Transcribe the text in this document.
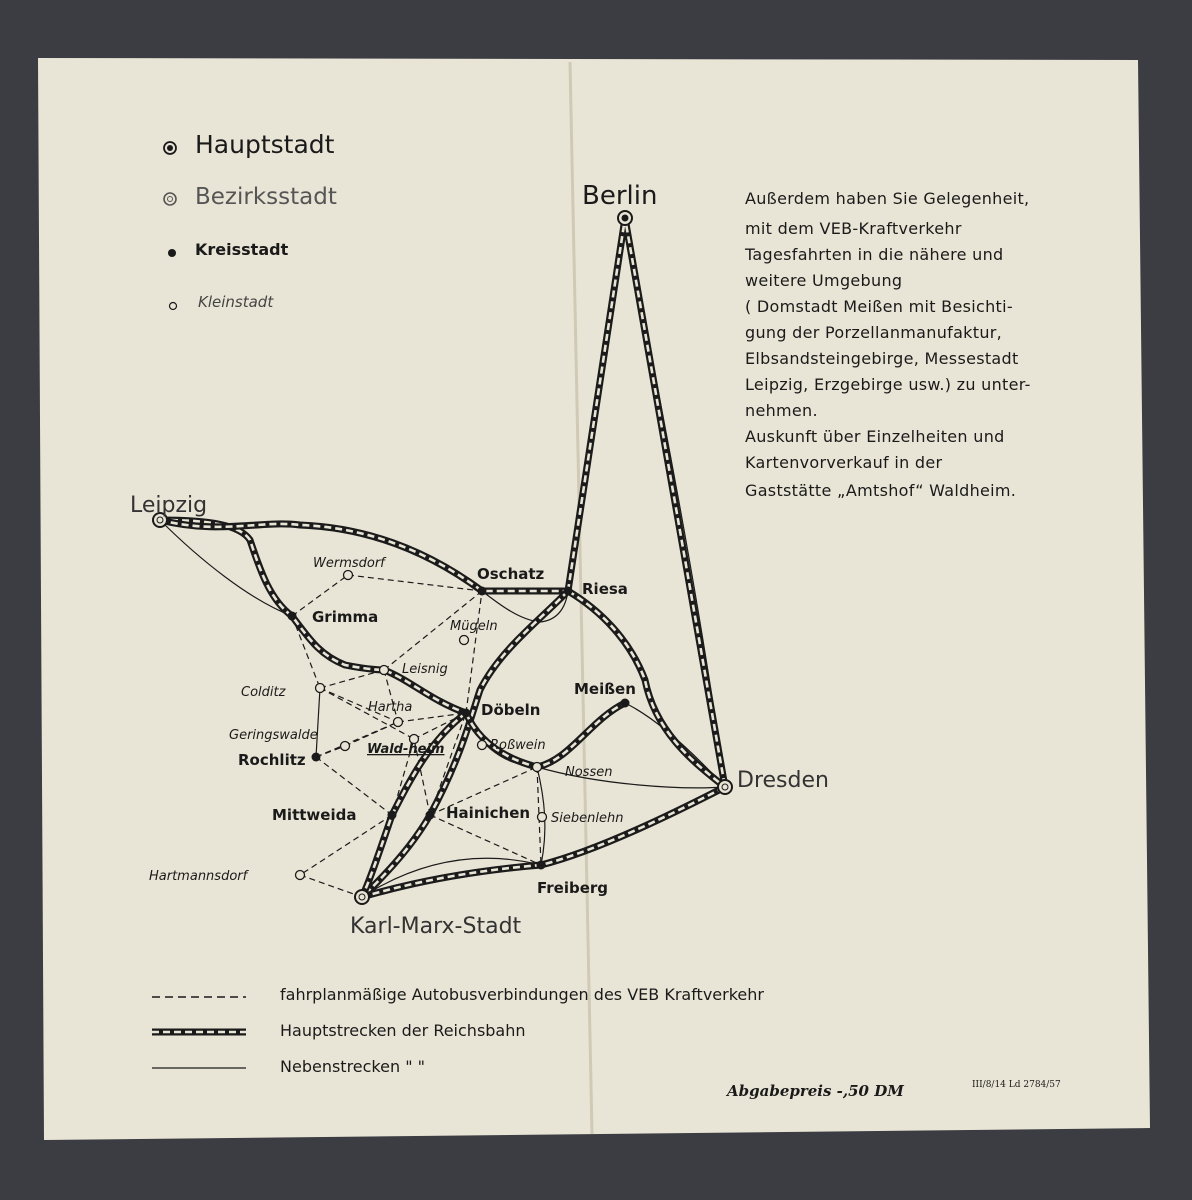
Berlin
Leipzig
Dresden
Karl-Marx-Stadt
Oschatz
Riesa
Grimma
Döbeln
Meißen
Rochlitz
Mittweida	Hainichen
Freiberg
Wermsdorf
Mügeln
Leisnig
Colditz
Hartha
Geringswalde
Wald-heim	Roßwein
Nossen
Siebenlehn
Hartmannsdorf
Hauptstadt
Bezirksstadt
Kreisstadt
Kleinstadt
Außerdem haben Sie Gelegenheit,
mit dem VEB-Kraftverkehr
Tagesfahrten in die nähere und
weitere Umgebung
( Domstadt Meißen mit Besichti-
gung der Porzellanmanufaktur,
Elbsandsteingebirge, Messestadt
Leipzig, Erzgebirge usw.) zu unter-
nehmen.
Auskunft über Einzelheiten und
Kartenvorverkauf in der
Gaststätte „Amtshof“ Waldheim.
fahrplanmäßige Autobusverbindungen des VEB Kraftverkehr
Hauptstrecken der Reichsbahn
Nebenstrecken " "
Abgabepreis -,50 DM	III/8/14 Ld 2784/57
